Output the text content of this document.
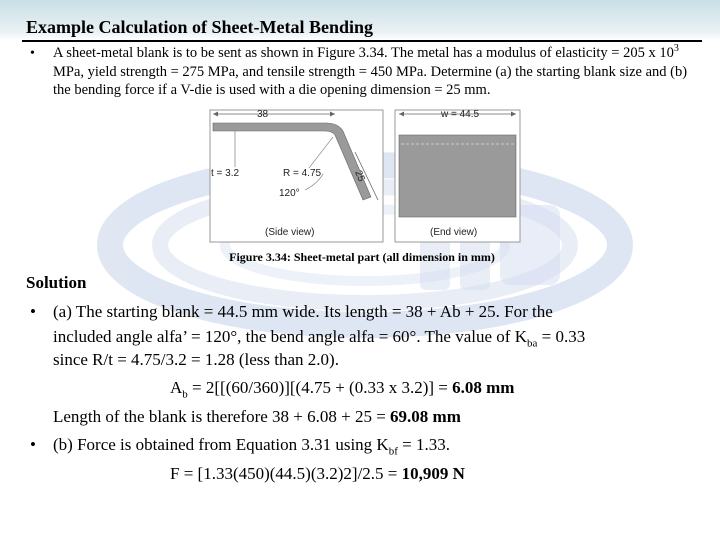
Example Calculation of Sheet-Metal Bending
• A sheet-metal blank is to be sent as shown in Figure 3.34. The metal has a modulus of elasticity = 205 x $10^3$ MPa, yield strength = 275 MPa, and tensile strength = 450 MPa. Determine (a) the starting blank size and (b) the bending force if a V-die is used with a die opening dimension = 25 mm.
38
25
t = 3.2	R = 4.75
120°
(Side view)
w = 44.5
(End view)
Figure 3.34: Sheet-metal part (all dimension in mm)
Solution
• (a) The starting blank = 44.5 mm wide. Its length = 38 + Ab + 25. For the
included angle alfa’ = 120°, the bend angle alfa = 60°. The value of $K_{ba} = 0.33$
since R/t = 4.75/3.2 = 1.28 (less than 2.0).
$A_b = 2[[(60/360)][(4.75 + (0.33$ x 3.2)] = 6.08 mm
Length of the blank is therefore 38 + 6.08 + 25 = 69.08 mm
• (b) Force is obtained from Equation 3.31 using $K_{bf} = 1.33$.
F = [1.33(450)(44.5)(3.2)2]/2.5 = 10,909 N
